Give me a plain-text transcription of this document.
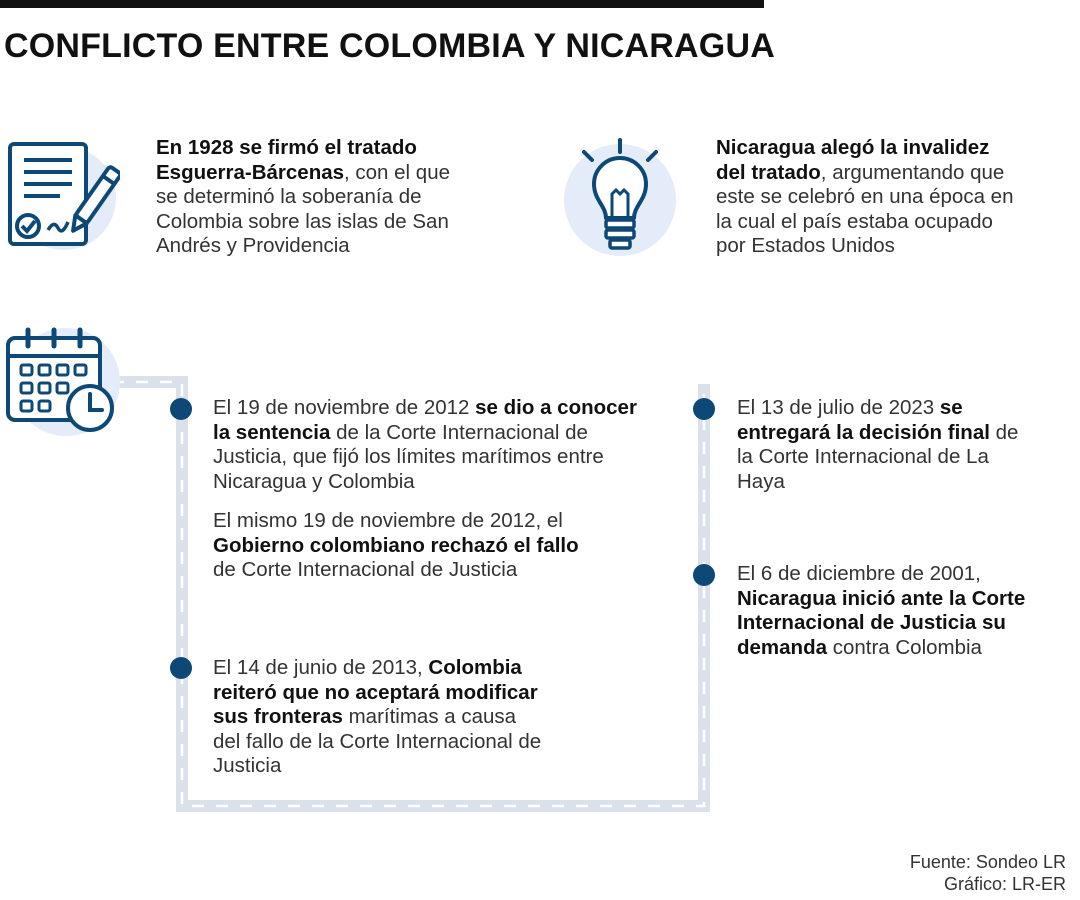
CONFLICTO ENTRE COLOMBIA Y NICARAGUA
En 1928 se firmó el tratado Esguerra-Bárcenas, con el que se determinó la soberanía de Colombia sobre las islas de San Andrés y Providencia
Nicaragua alegó la invalidez del tratado, argumentando que este se celebró en una época en la cual el país estaba ocupado por Estados Unidos
El 19 de noviembre de 2012 se dio a conocer la sentencia de la Corte Internacional de Justicia, que fijó los límites marítimos entre Nicaragua y Colombia
El mismo 19 de noviembre de 2012, el Gobierno colombiano rechazó el fallo de Corte Internacional de Justicia
El 14 de junio de 2013, Colombia reiteró que no aceptará modificar sus fronteras marítimas a causa del fallo de la Corte Internacional de Justicia
El 13 de julio de 2023 se entregará la decisión final de la Corte Internacional de La Haya
El 6 de diciembre de 2001, Nicaragua inició ante la Corte Internacional de Justicia su demanda contra Colombia
Fuente: Sondeo LR
Gráfico: LR-ER
